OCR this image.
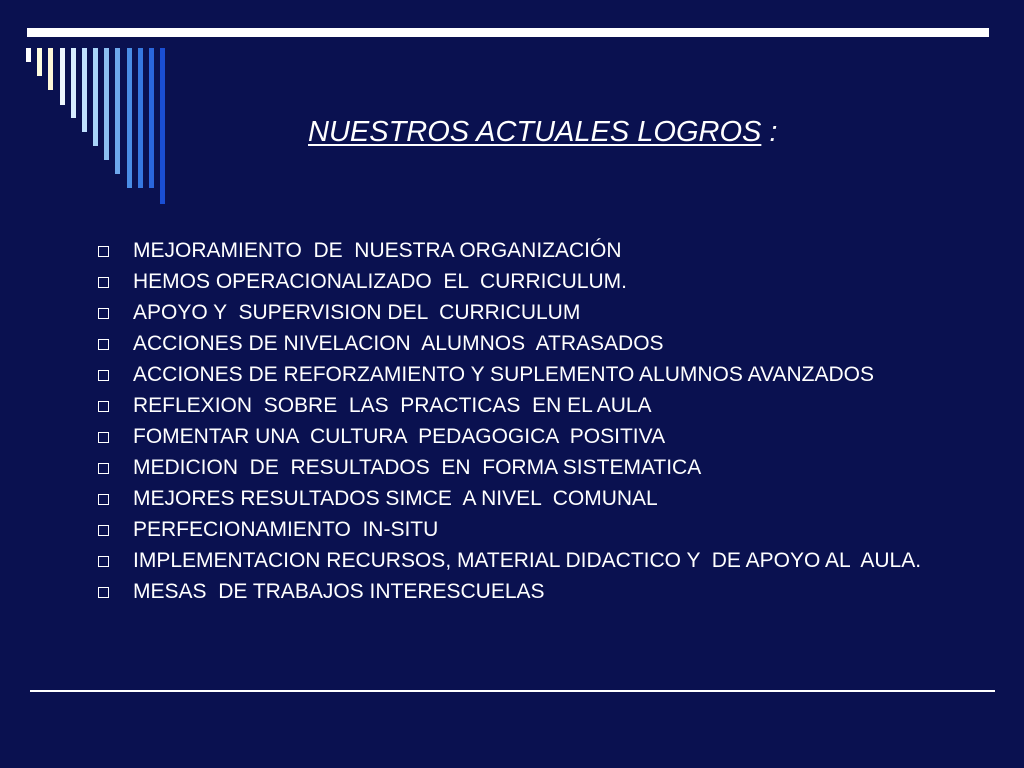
NUESTROS ACTUALES LOGROS :
MEJORAMIENTO  DE  NUESTRA ORGANIZACIÓN
HEMOS OPERACIONALIZADO  EL  CURRICULUM.
APOYO Y  SUPERVISION DEL  CURRICULUM
ACCIONES DE NIVELACION  ALUMNOS  ATRASADOS
ACCIONES DE REFORZAMIENTO Y SUPLEMENTO ALUMNOS AVANZADOS
REFLEXION  SOBRE  LAS  PRACTICAS  EN EL AULA
FOMENTAR UNA  CULTURA  PEDAGOGICA  POSITIVA
MEDICION  DE  RESULTADOS  EN  FORMA SISTEMATICA
MEJORES RESULTADOS SIMCE  A NIVEL  COMUNAL
PERFECIONAMIENTO  IN-SITU
IMPLEMENTACION RECURSOS, MATERIAL DIDACTICO Y  DE APOYO AL  AULA.
MESAS  DE TRABAJOS INTERESCUELAS
